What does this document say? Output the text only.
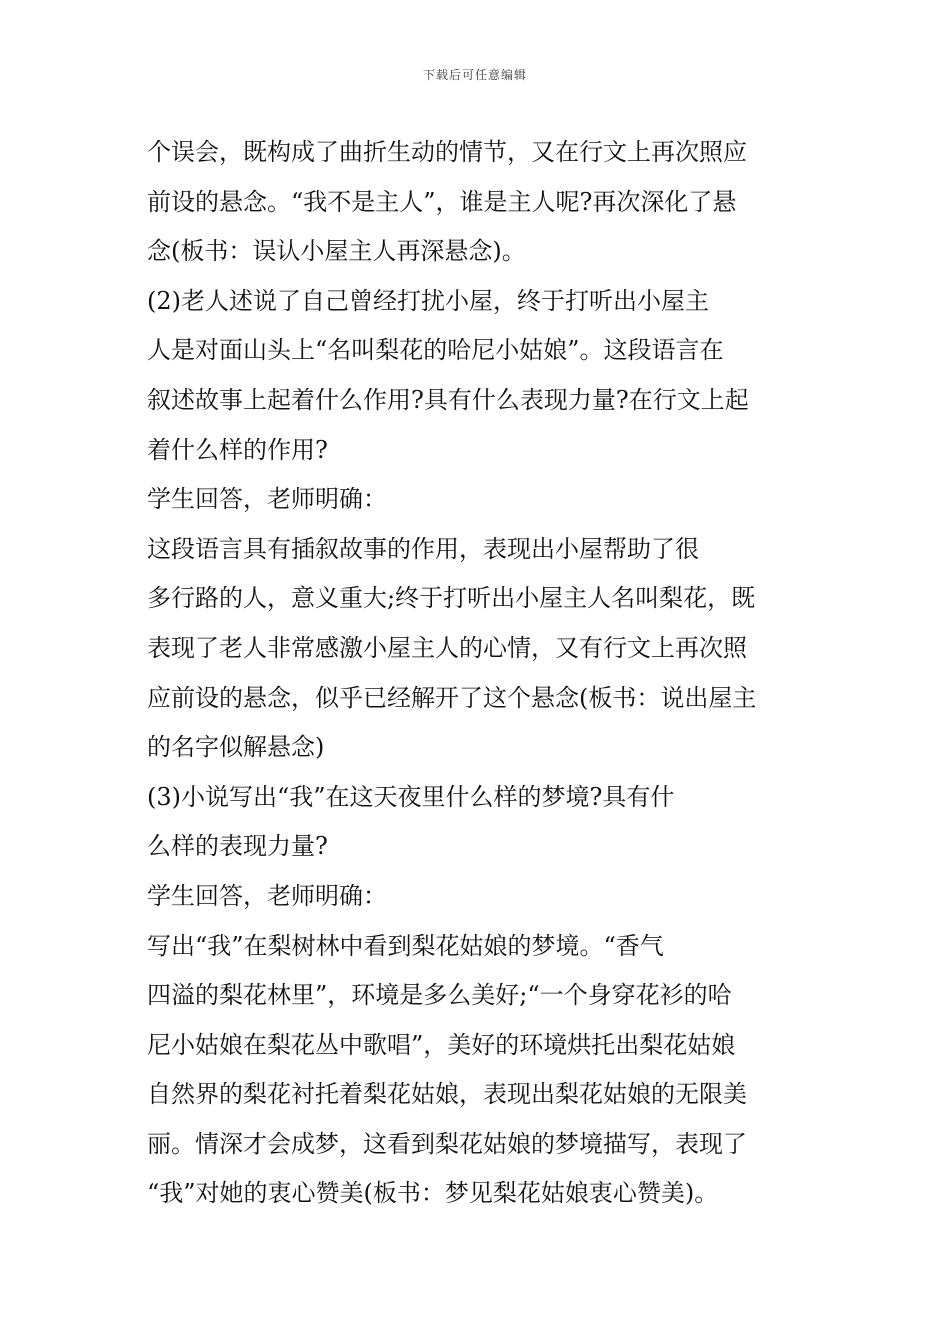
下载后可任意编辑
个误会，既构成了曲折生动的情节，又在行文上再次照应
前设的悬念。“我不是主人”，谁是主人呢?再次深化了悬
念(板书：误认小屋主人再深悬念)。
(2)老人述说了自己曾经打扰小屋，终于打听出小屋主
人是对面山头上“名叫梨花的哈尼小姑娘”。这段语言在
叙述故事上起着什么作用?具有什么表现力量?在行文上起
着什么样的作用?
学生回答，老师明确：
这段语言具有插叙故事的作用，表现出小屋帮助了很
多行路的人，意义重大;终于打听出小屋主人名叫梨花，既
表现了老人非常感激小屋主人的心情，又有行文上再次照
应前设的悬念，似乎已经解开了这个悬念(板书：说出屋主
的名字似解悬念)
(3)小说写出“我”在这天夜里什么样的梦境?具有什
么样的表现力量?
学生回答，老师明确：
写出“我”在梨树林中看到梨花姑娘的梦境。“香气
四溢的梨花林里”，环境是多么美好;“一个身穿花衫的哈
尼小姑娘在梨花丛中歌唱”，美好的环境烘托出梨花姑娘
自然界的梨花衬托着梨花姑娘，表现出梨花姑娘的无限美
丽。情深才会成梦，这看到梨花姑娘的梦境描写，表现了
“我”对她的衷心赞美(板书：梦见梨花姑娘衷心赞美)。
